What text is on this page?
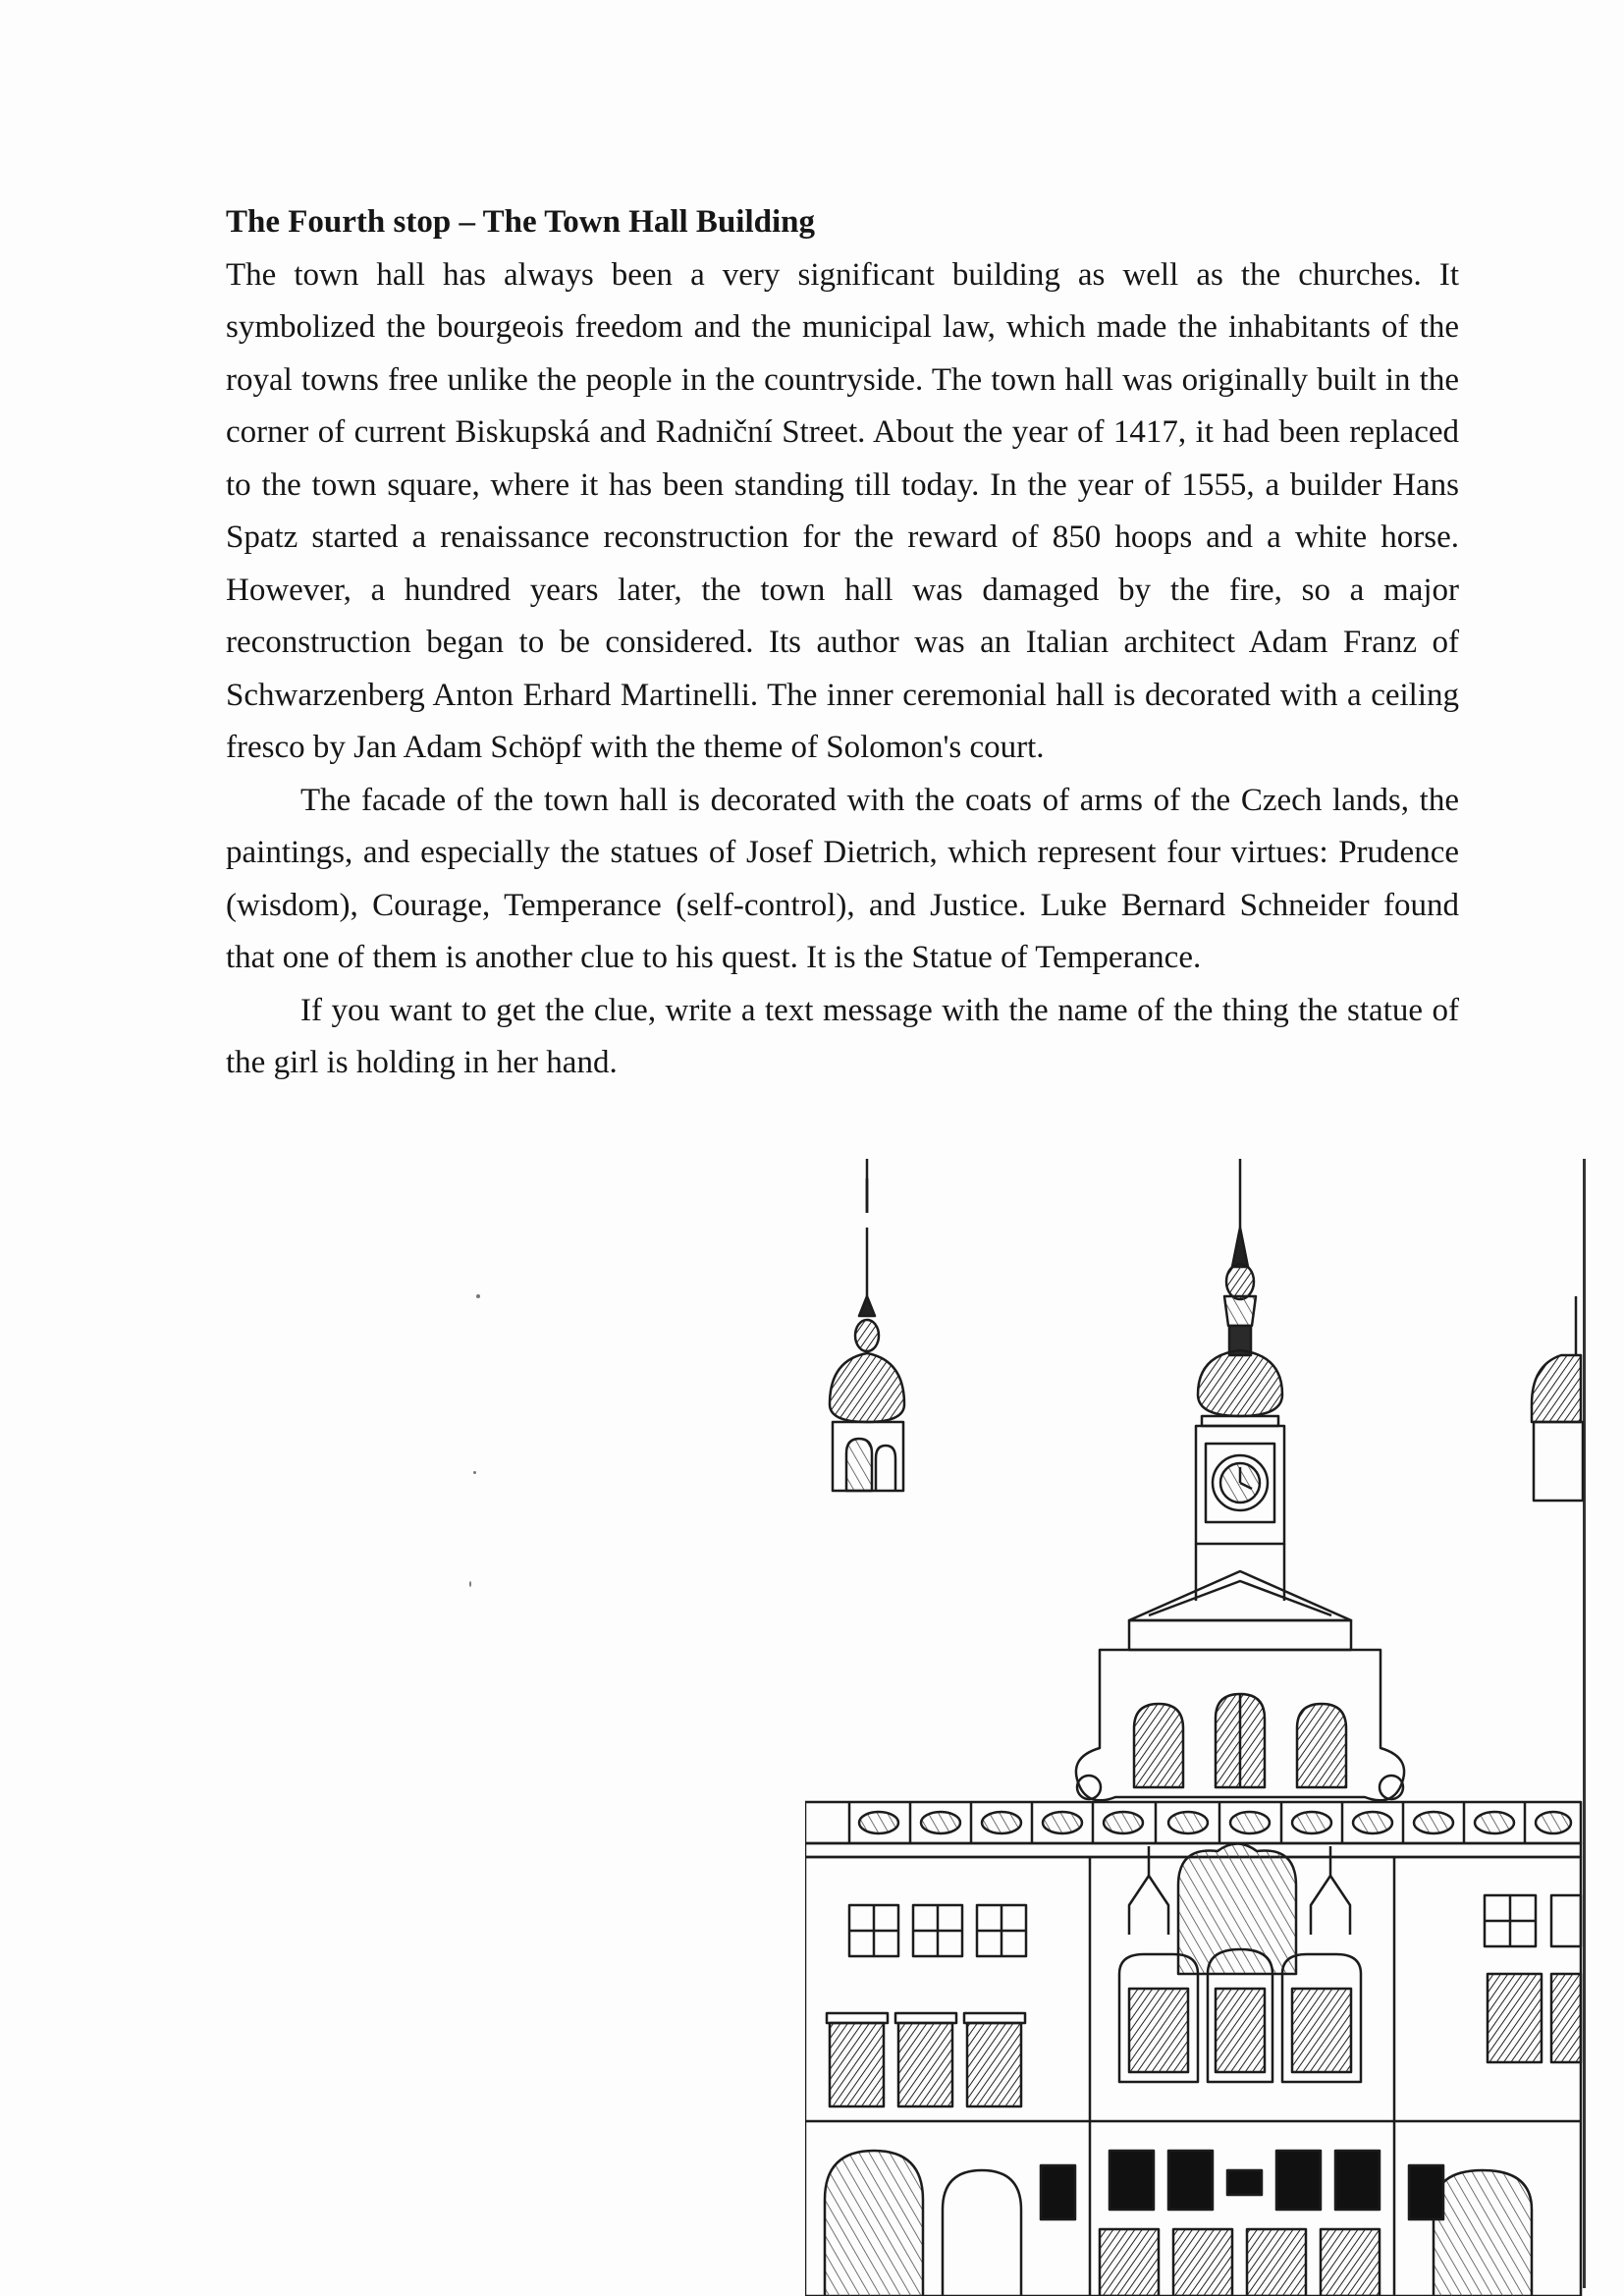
The Fourth stop – The Town Hall Building

The town hall has always been a very significant building as well as the churches. It symbolized the bourgeois freedom and the municipal law, which made the inhabitants of the royal towns free unlike the people in the countryside. The town hall was originally built in the corner of current Biskupská and Radniční Street. About the year of 1417, it had been replaced to the town square, where it has been standing till today. In the year of 1555, a builder Hans Spatz started a renaissance reconstruction for the reward of 850 hoops and a white horse. However, a hundred years later, the town hall was damaged by the fire, so a major reconstruction began to be considered. Its author was an Italian architect Adam Franz of Schwarzenberg Anton Erhard Martinelli. The inner ceremonial hall is decorated with a ceiling fresco by Jan Adam Schöpf with the theme of Solomon's court.

The facade of the town hall is decorated with the coats of arms of the Czech lands, the paintings, and especially the statues of Josef Dietrich, which represent four virtues: Prudence (wisdom), Courage, Temperance (self-control), and Justice. Luke Bernard Schneider found that one of them is another clue to his quest. It is the Statue of Temperance.

If you want to get the clue, write a text message with the name of the thing the statue of the girl is holding in her hand.
